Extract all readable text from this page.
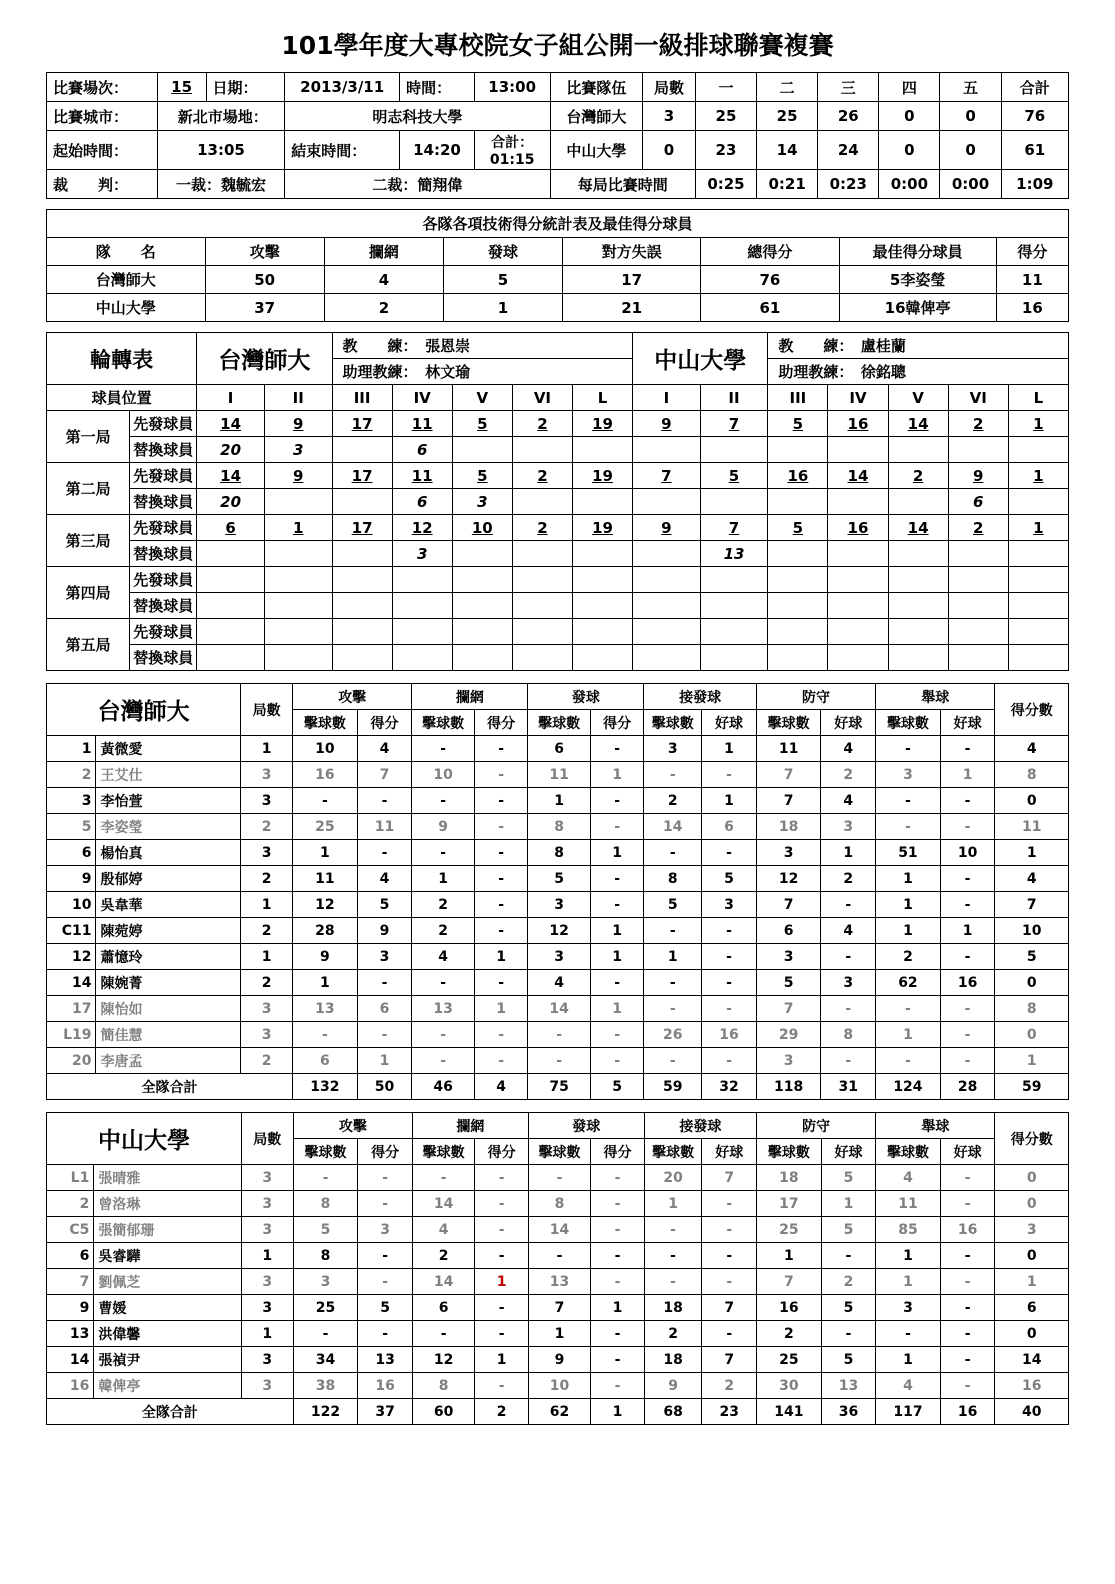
101學年度大專校院女子組公開一級排球聯賽複賽
比賽場次：	15	日期：	2013/3/11	時間：	13:00	比賽隊伍	局數	一	二	三	四	五	合計
比賽城市：	新北市場地：		明志科技大學			台灣師大	3	25	25	26	0	0	76
起始時間：	13:05		結束時間：	14:20	合計：01:15	中山大學	0	23	14	24	0	0	61
裁　　判：	一裁：魏毓宏		二裁：簡翔偉			每局比賽時間		0:25	0:21	0:23	0:00	0:00	1:09
各隊各項技術得分統計表及最佳得分球員							
隊　　名	攻擊	攔網	發球	對方失誤	總得分	最佳得分球員	得分
台灣師大	50	4	5	17	76	5李姿瑩	11
中山大學	37	2	1	21	61	16韓俾亭	16
輪轉表		台灣師大		教　　練：　 張恩崇					中山大學		教　　練：　 盧桂蘭				
				助理教練：　 林文瑜							助理教練：　 徐銘聰				
球員位置		I	II	III	IV	V	VI	L	I	II	III	IV	V	VI	L
第一局	先發球員	14	9	17	11	5	2	19	9	7	5	16	14	2	1
	替換球員	20	3		6										
第二局	先發球員	14	9	17	11	5	2	19	7	5	16	14	2	9	1
	替換球員	20			6	3								6	
第三局	先發球員	6	1	17	12	10	2	19	9	7	5	16	14	2	1
	替換球員				3					13					
第四局	先發球員														
	替換球員														
第五局	先發球員														
	替換球員														
台灣師大		局數	攻擊		攔網		發球		接發球		防守		舉球		得分數
			擊球數	得分	擊球數	得分	擊球數	得分	擊球數	好球	擊球數	好球	擊球數	好球	
1	黃微愛	1	10	4	-	-	6	-	3	1	11	4	-	-	4
2	王艾仕	3	16	7	10	-	11	1	-	-	7	2	3	1	8
3	李怡萱	3	-	-	-	-	1	-	2	1	7	4	-	-	0
5	李姿瑩	2	25	11	9	-	8	-	14	6	18	3	-	-	11
6	楊怡真	3	1	-	-	-	8	1	-	-	3	1	51	10	1
9	殷郁婷	2	11	4	1	-	5	-	8	5	12	2	1	-	4
10	吳韋華	1	12	5	2	-	3	-	5	3	7	-	1	-	7
C11	陳菀婷	2	28	9	2	-	12	1	-	-	6	4	1	1	10
12	蕭憶玲	1	9	3	4	1	3	1	1	-	3	-	2	-	5
14	陳婉菁	2	1	-	-	-	4	-	-	-	5	3	62	16	0
17	陳怡如	3	13	6	13	1	14	1	-	-	7	-	-	-	8
L19	簡佳慧	3	-	-	-	-	-	-	26	16	29	8	1	-	0
20	李唐孟	2	6	1	-	-	-	-	-	-	3	-	-	-	1
全隊合計			132	50	46	4	75	5	59	32	118	31	124	28	59
中山大學		局數	攻擊		攔網		發球		接發球		防守		舉球		得分數
			擊球數	得分	擊球數	得分	擊球數	得分	擊球數	好球	擊球數	好球	擊球數	好球	
L1	張晴雅	3	-	-	-	-	-	-	20	7	18	5	4	-	0
2	曾洛琳	3	8	-	14	-	8	-	1	-	17	1	11	-	0
C5	張簡郁珊	3	5	3	4	-	14	-	-	-	25	5	85	16	3
6	吳睿驊	1	8	-	2	-	-	-	-	-	1	-	1	-	0
7	劉佩芝	3	3	-	14	1	13	-	-	-	7	2	1	-	1
9	曹媛	3	25	5	6	-	7	1	18	7	16	5	3	-	6
13	洪偉馨	1	-	-	-	-	1	-	2	-	2	-	-	-	0
14	張禎尹	3	34	13	12	1	9	-	18	7	25	5	1	-	14
16	韓俾亭	3	38	16	8	-	10	-	9	2	30	13	4	-	16
全隊合計			122	37	60	2	62	1	68	23	141	36	117	16	40
